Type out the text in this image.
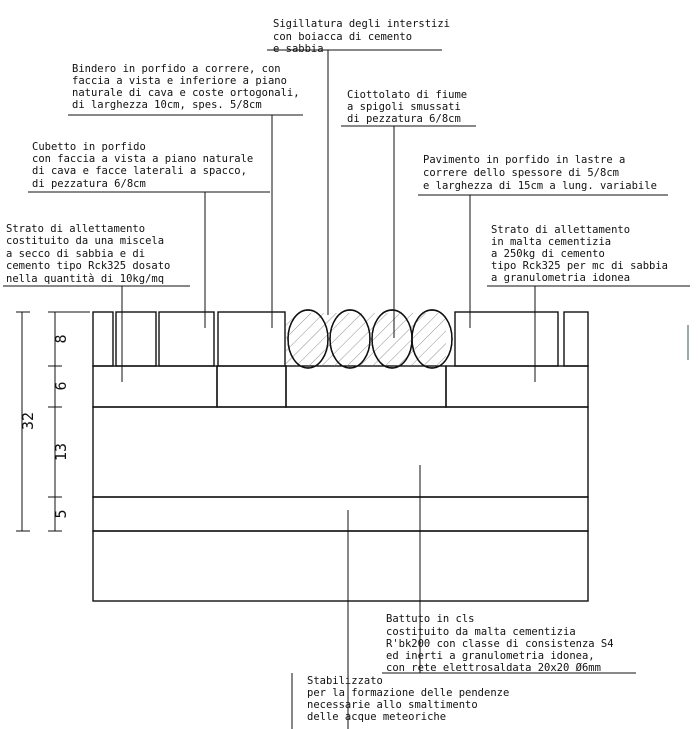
32
8
6
13
5
Sigillatura degli interstizi
con boiacca di cemento
e sabbia
Bindero in porfido a correre, con
faccia a vista e inferiore a piano
naturale di cava e coste ortogonali,
di larghezza 10cm, spes. 5/8cm
Ciottolato di fiume
a spigoli smussati
di pezzatura 6/8cm
Cubetto in porfido
con faccia a vista a piano naturale
di cava e facce laterali a spacco,
di pezzatura 6/8cm
Pavimento in porfido in lastre a
correre dello spessore di 5/8cm
e larghezza di 15cm a lung. variabile
Strato di allettamento
costituito da una miscela
a secco di sabbia e di
cemento tipo Rck325 dosato
nella quantità di 10kg/mq
Strato di allettamento
in malta cementizia
a 250kg di cemento
tipo Rck325 per mc di sabbia
a granulometria idonea
Battuto in cls
costituito da malta cementizia
R'bk200 con classe di consistenza S4
ed inerti a granulometria idonea,
con rete elettrosaldata 20x20 Ø6mm
Stabilizzato
per la formazione delle pendenze
necessarie allo smaltimento
delle acque meteoriche
